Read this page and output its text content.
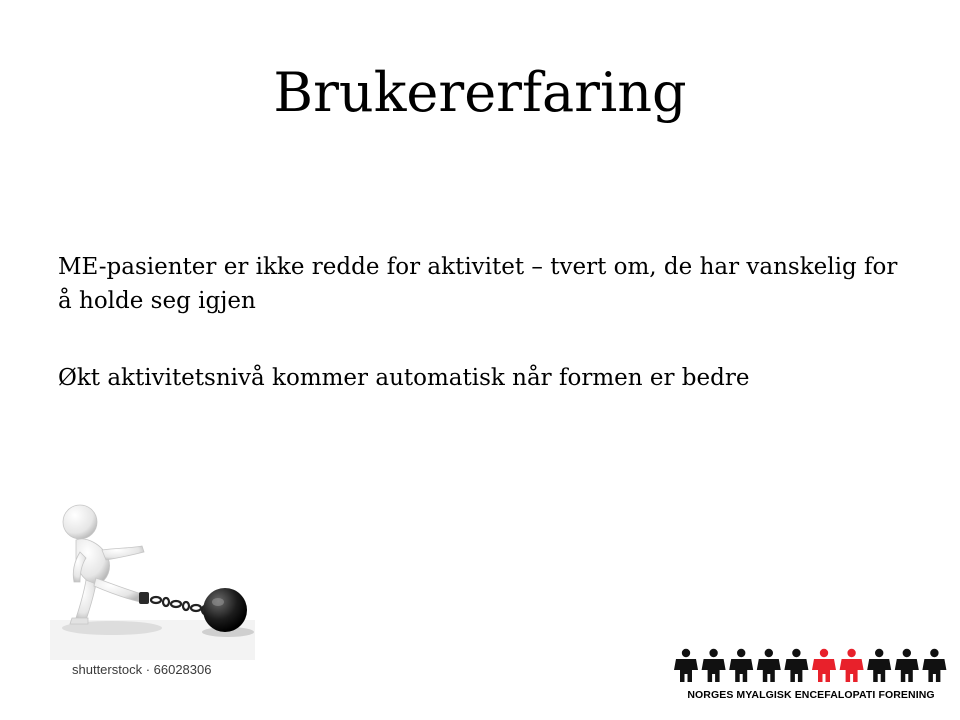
Brukererfaring

ME-pasienter er ikke redde for aktivitet – tvert om, de har vanskelig for å holde seg igjen

Økt aktivitetsnivå kommer automatisk når formen er bedre

shutterstock · 66028306
NORGES MYALGISK ENCEFALOPATI FORENING
